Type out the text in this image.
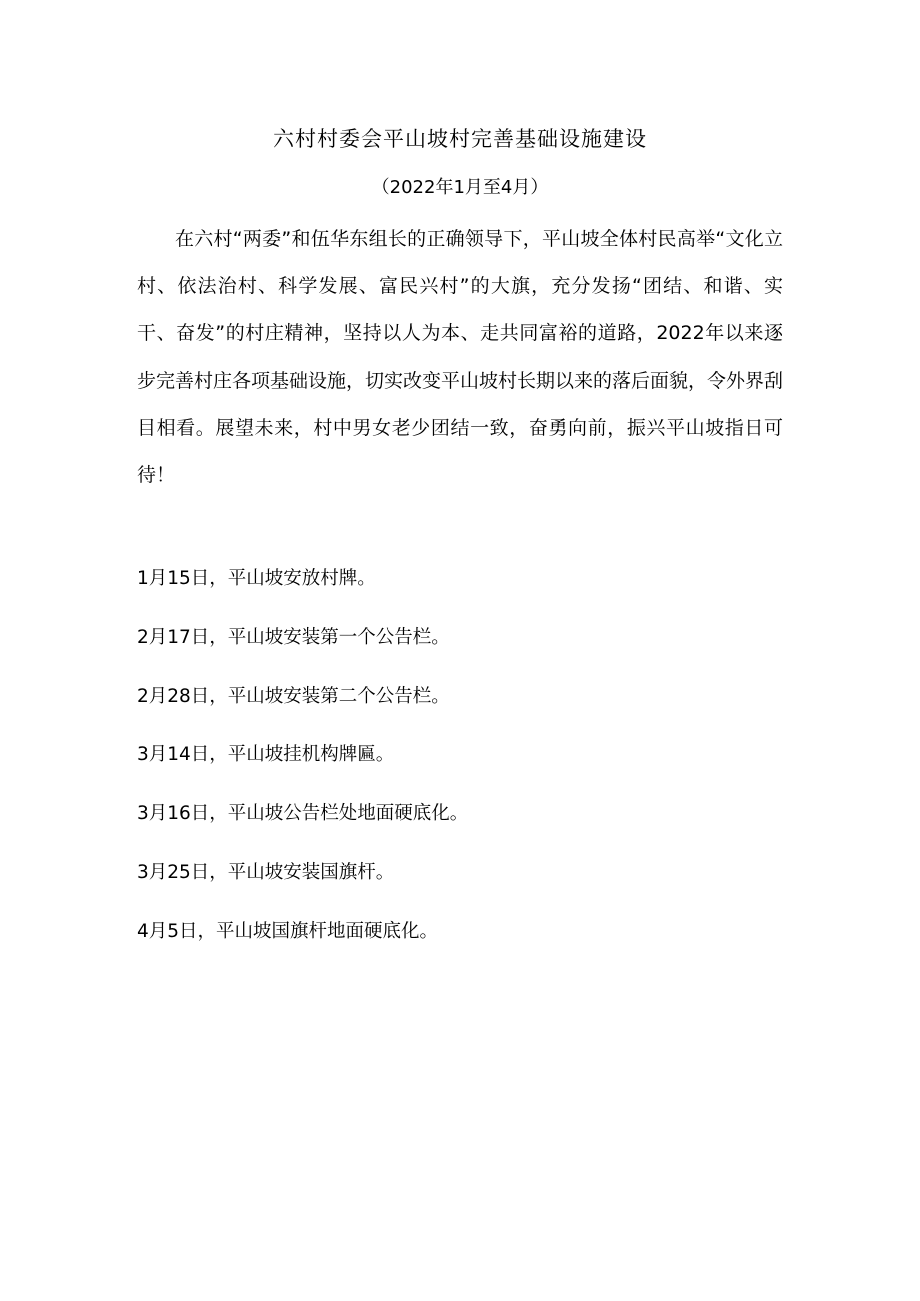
六村村委会平山坡村完善基础设施建设
（2022年1月至4月）

在六村“两委”和伍华东组长的正确领导下，平山坡全体村民高举“文化立村、依法治村、科学发展、富民兴村”的大旗，充分发扬“团结、和谐、实干、奋发”的村庄精神，坚持以人为本、走共同富裕的道路，2022年以来逐步完善村庄各项基础设施，切实改变平山坡村长期以来的落后面貌，令外界刮目相看。展望未来，村中男女老少团结一致，奋勇向前，振兴平山坡指日可待！

1月15日，平山坡安放村牌。
2月17日，平山坡安装第一个公告栏。
2月28日，平山坡安装第二个公告栏。
3月14日，平山坡挂机构牌匾。
3月16日，平山坡公告栏处地面硬底化。
3月25日，平山坡安装国旗杆。
4月5日，平山坡国旗杆地面硬底化。
